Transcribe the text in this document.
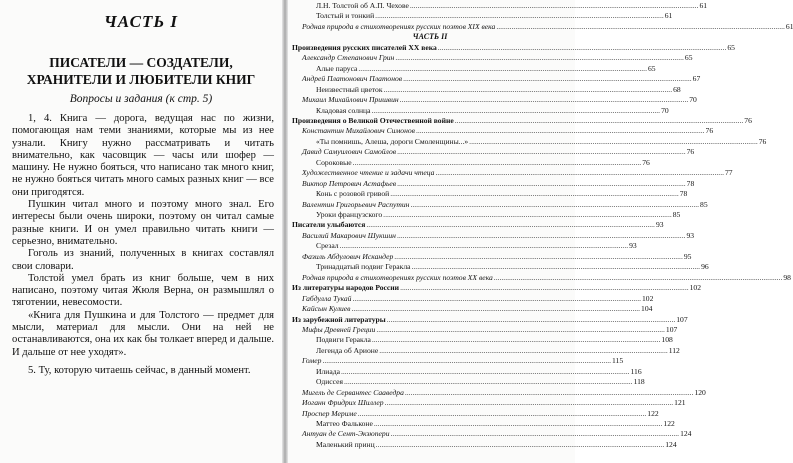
ЧАСТЬ I
ПИСАТЕЛИ — СОЗДАТЕЛИ,
ХРАНИТЕЛИ И ЛЮБИТЕЛИ КНИГ
Вопросы и задания (к стр. 5)

1, 4. Книга — дорога, ведущая нас по жизни, помогающая нам теми знаниями, которые мы из нее узнали. Книгу нужно рассматривать и читать внимательно, как часовщик — часы или шофер — машину. Не нужно бояться, что написано так много книг, не нужно бояться читать много самых разных книг — все они пригодятся.

Пушкин читал много и поэтому много знал. Его интересы были очень широки, поэтому он читал самые разные книги. И он умел правильно читать книги — серьезно, внимательно.

Гоголь из знаний, полученных в книгах составлял свои словари.

Толстой умел брать из книг больше, чем в них написано, поэтому читая Жюля Верна, он размышлял о тяготении, невесомости.

«Книга для Пушкина и для Толстого — предмет для мысли, материал для мысли. Они на ней не останавливаются, она их как бы толкает вперед и дальше. И дальше от нее уходят».

5. Ту, которую читаешь сейчас, в данный момент.

Л.Н. Толстой об А.П. Чехове .....	61
Толстый и тонкий .....	61
Родная природа в стихотворениях русских поэтов XIX века .....	61
ЧАСТЬ II
Произведения русских писателей XX века .....	65
Александр Степанович Грин .....	65
Алые паруса .....	65
Андрей Платонович Платонов .....	67
Неизвестный цветок .....	68
Михаил Михайлович Пришвин .....	70
Кладовая солнца .....	70
Произведения о Великой Отечественной войне .....	76
Константин Михайлович Симонов .....	76
«Ты помнишь, Алеша, дороги Смоленщины...» .....	76
Давид Самуилович Самойлов .....	76
Сороковые .....	76
Художественное чтение и задачи чтеца .....	77
Виктор Петрович Астафьев .....	78
Конь с розовой гривой .....	78
Валентин Григорьевич Распутин .....	85
Уроки французского .....	85
Писатели улыбаются .....	93
Василий Макарович Шукшин .....	93
Срезал .....	93
Фазиль Абдулович Искандер .....	95
Тринадцатый подвиг Геракла .....	96
Родная природа в стихотворениях русских поэтов XX века .....	98
Из литературы народов России .....	102
Габдулла Тукай .....	102
Кайсын Кулиев .....	104
Из зарубежной литературы .....	107
Мифы Древней Греции .....	107
Подвиги Геракла .....	108
Легенда об Арионе .....	112
Гомер .....	115
Илиада .....	116
Одиссея .....	118
Мигель де Сервантес Сааведра .....	120
Иоганн Фридрих Шиллер .....	121
Проспер Мериме .....	122
Маттео Фальконе .....	122
Антуан де Сент-Экзюпери .....	124
Маленький принц .....	124
